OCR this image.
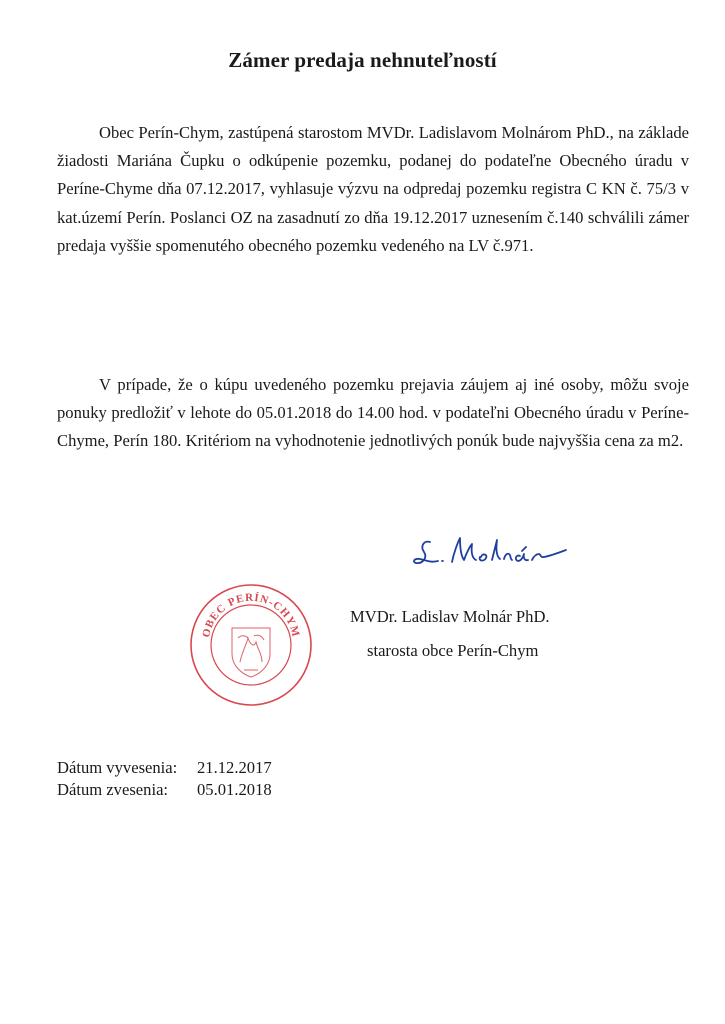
Zámer predaja nehnuteľností

Obec Perín-Chym, zastúpená starostom MVDr. Ladislavom Molnárom PhD., na základe žiadosti Mariána Čupku o odkúpenie pozemku, podanej do podateľne Obecného úradu v Períne-Chyme dňa 07.12.2017, vyhlasuje výzvu na odpredaj pozemku registra C KN č. 75/3 v kat.území Perín. Poslanci OZ na zasadnutí zo dňa 19.12.2017 uznesením č.140 schválili zámer predaja vyššie spomenutého obecného pozemku vedeného na LV č.971.

V prípade, že o kúpu uvedeného pozemku prejavia záujem aj iné osoby, môžu svoje ponuky predložiť v lehote do 05.01.2018 do 14.00 hod. v podateľni Obecného úradu v Períne-Chyme, Perín 180. Kritériom na vyhodnotenie jednotlivých ponúk bude najvyššia cena za m2.

OBEC PERÍN-CHYM
MVDr. Ladislav Molnár PhD.
starosta obce Perín-Chym
Dátum vyvesenia:	21.12.2017
Dátum zvesenia:	05.01.2018
